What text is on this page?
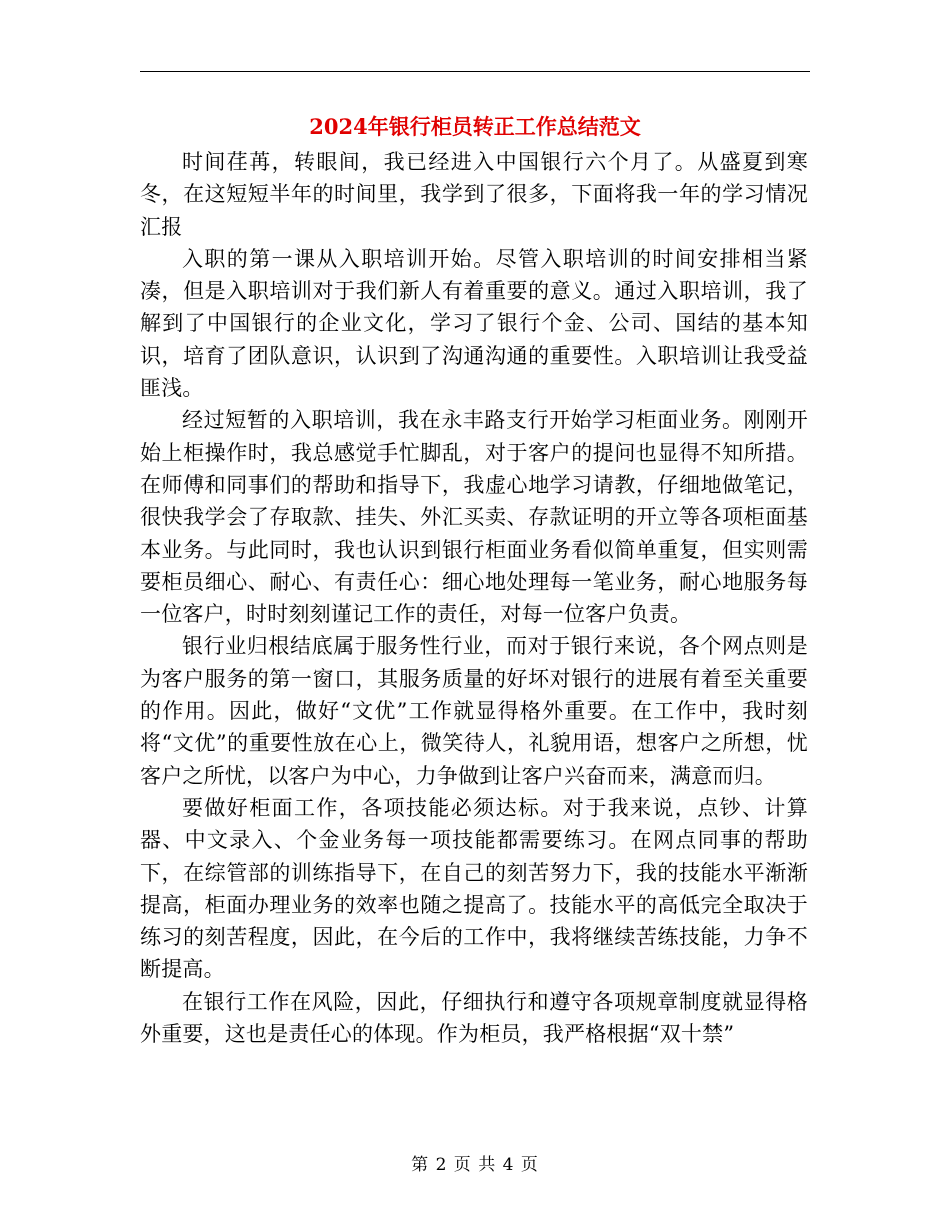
2024年银行柜员转正工作总结范文

时间荏苒，转眼间，我已经进入中国银行六个月了。从盛夏到寒冬，在这短短半年的时间里，我学到了很多，下面将我一年的学习情况汇报

入职的第一课从入职培训开始。尽管入职培训的时间安排相当紧凑，但是入职培训对于我们新人有着重要的意义。通过入职培训，我了解到了中国银行的企业文化，学习了银行个金、公司、国结的基本知识，培育了团队意识，认识到了沟通沟通的重要性。入职培训让我受益匪浅。

经过短暂的入职培训，我在永丰路支行开始学习柜面业务。刚刚开始上柜操作时，我总感觉手忙脚乱，对于客户的提问也显得不知所措。在师傅和同事们的帮助和指导下，我虚心地学习请教，仔细地做笔记，很快我学会了存取款、挂失、外汇买卖、存款证明的开立等各项柜面基本业务。与此同时，我也认识到银行柜面业务看似简单重复，但实则需要柜员细心、耐心、有责任心：细心地处理每一笔业务，耐心地服务每一位客户，时时刻刻谨记工作的责任，对每一位客户负责。

银行业归根结底属于服务性行业，而对于银行来说，各个网点则是为客户服务的第一窗口，其服务质量的好坏对银行的进展有着至关重要的作用。因此，做好“文优”工作就显得格外重要。在工作中，我时刻将“文优”的重要性放在心上，微笑待人，礼貌用语，想客户之所想，忧客户之所忧，以客户为中心，力争做到让客户兴奋而来，满意而归。

要做好柜面工作，各项技能必须达标。对于我来说，点钞、计算器、中文录入、个金业务每一项技能都需要练习。在网点同事的帮助下，在综管部的训练指导下，在自己的刻苦努力下，我的技能水平渐渐提高，柜面办理业务的效率也随之提高了。技能水平的高低完全取决于练习的刻苦程度，因此，在今后的工作中，我将继续苦练技能，力争不断提高。

在银行工作在风险，因此，仔细执行和遵守各项规章制度就显得格外重要，这也是责任心的体现。作为柜员，我严格根据“双十禁”

第 2 页 共 4 页
